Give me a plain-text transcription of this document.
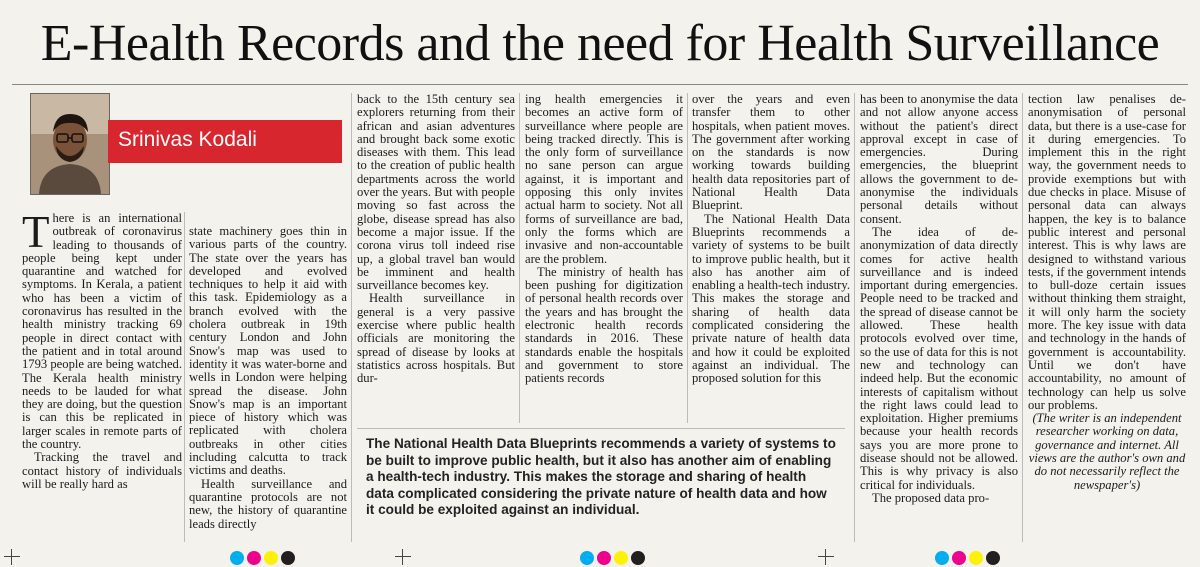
E-Health Records and the need for Health Surveillance
Srinivas Kodali

There is an international outbreak of coronavirus leading to thousands of people being kept under quarantine and watched for symptoms. In Kerala, a patient who has been a victim of coronavirus has resulted in the health ministry tracking 69 people in direct contact with the patient and in total around 1793 people are being watched. The Kerala health ministry needs to be lauded for what they are doing, but the question is can this be replicated in larger scales in remote parts of the country.

Tracking the travel and contact history of individuals will be really hard as

state machinery goes thin in various parts of the country. The state over the years has developed and evolved techniques to help it aid with this task. Epidemiology as a branch evolved with the cholera outbreak in 19th century London and John Snow's map was used to identity it was water-borne and wells in London were helping spread the disease. John Snow's map is an important piece of history which was replicated with cholera outbreaks in other cities including calcutta to track victims and deaths.

Health surveillance and quarantine protocols are not new, the history of quarantine leads directly

back to the 15th century sea explorers returning from their african and asian adventures and brought back some exotic diseases with them. This lead to the creation of public health departments across the world over the years. But with people moving so fast across the globe, disease spread has also become a major issue. If the corona virus toll indeed rise up, a global travel ban would be imminent and health surveillance becomes key.

Health surveillance in general is a very passive exercise where public health officials are monitoring the spread of disease by looks at statistics across hospitals. But dur-

ing health emergencies it becomes an active form of surveillance where people are being tracked directly. This is the only form of surveillance no sane person can argue against, it is important and opposing this only invites actual harm to society. Not all forms of surveillance are bad, only the forms which are invasive and non-accountable are the problem.

The ministry of health has been pushing for digitization of personal health records over the years and has brought the electronic health records standards in 2016. These standards enable the hospitals and government to store patients records

over the years and even transfer them to other hospitals, when patient moves. The government after working on the standards is now working towards building health data repositories part of National Health Data Blueprint.

The National Health Data Blueprints recommends a variety of systems to be built to improve public health, but it also has another aim of enabling a health-tech industry. This makes the storage and sharing of health data complicated considering the private nature of health data and how it could be exploited against an individual. The proposed solution for this

has been to anonymise the data and not allow anyone access without the patient's direct approval except in case of emergencies. During emergencies, the blueprint allows the government to de-anonymise the individuals personal details without consent.

The idea of de-anonymization of data directly comes for active health surveillance and is indeed important during emergencies. People need to be tracked and the spread of disease cannot be allowed. These health protocols evolved over time, so the use of data for this is not new and technology can indeed help. But the economic interests of capitalism without the right laws could lead to exploitation. Higher premiums because your health records says you are more prone to disease should not be allowed. This is why privacy is also critical for individuals.

The proposed data pro-

tection law penalises de-anonymisation of personal data, but there is a use-case for it during emergencies. To implement this in the right way, the government needs to provide exemptions but with due checks in place. Misuse of personal data can always happen, the key is to balance public interest and personal interest. This is why laws are designed to withstand various tests, if the government intends to bull-doze certain issues without thinking them straight, it will only harm the society more. The key issue with data and technology in the hands of government is accountability. Until we don't have accountability, no amount of technology can help us solve our problems.

(The writer is an independent researcher working on data, governance and internet. All views are the author's own and do not necessarily reflect the newspaper's)

The National Health Data Blueprints recommends a variety of systems to be built to improve public health, but it also has another aim of enabling a health-tech industry. This makes the storage and sharing of health data complicated considering the private nature of health data and how it could be exploited against an individual.
